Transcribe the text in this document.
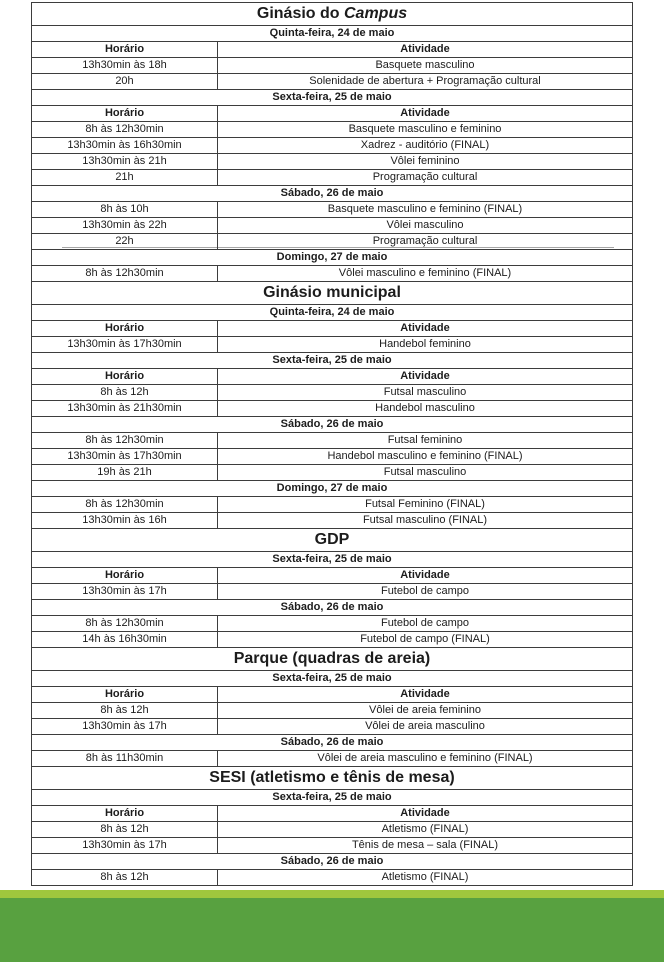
Ginásio do Campus	
Quinta-feira, 24 de maio	
Horário	Atividade
13h30min às 18h	Basquete masculino
20h	Solenidade de abertura + Programação cultural
Sexta-feira, 25 de maio	
Horário	Atividade
8h às 12h30min	Basquete masculino e feminino
13h30min às 16h30min	Xadrez - auditório (FINAL)
13h30min às 21h	Vôlei feminino
21h	Programação cultural
Sábado, 26 de maio	
8h às 10h	Basquete masculino e feminino (FINAL)
13h30min às 22h	Vôlei masculino
22h	Programação cultural
Domingo, 27 de maio	
8h às 12h30min	Vôlei masculino e feminino (FINAL)
Ginásio municipal	
Quinta-feira, 24 de maio	
Horário	Atividade
13h30min às 17h30min	Handebol feminino
Sexta-feira, 25 de maio	
Horário	Atividade
8h às 12h	Futsal masculino
13h30min às 21h30min	Handebol masculino
Sábado, 26 de maio	
8h às 12h30min	Futsal feminino
13h30min às 17h30min	Handebol masculino e feminino (FINAL)
19h às 21h	Futsal masculino
Domingo, 27 de maio	
8h às 12h30min	Futsal Feminino (FINAL)
13h30min às 16h	Futsal masculino (FINAL)
GDP	
Sexta-feira, 25 de maio	
Horário	Atividade
13h30min às 17h	Futebol de campo
Sábado, 26 de maio	
8h às 12h30min	Futebol de campo
14h às 16h30min	Futebol de campo (FINAL)
Parque (quadras de areia)	
Sexta-feira, 25 de maio	
Horário	Atividade
8h às 12h	Vôlei de areia feminino
13h30min às 17h	Vôlei de areia masculino
Sábado, 26 de maio	
8h às 11h30min	Vôlei de areia masculino e feminino (FINAL)
SESI (atletismo e tênis de mesa)	
Sexta-feira, 25 de maio	
Horário	Atividade
8h às 12h	Atletismo (FINAL)
13h30min às 17h	Tênis de mesa – sala (FINAL)
Sábado, 26 de maio	
8h às 12h	Atletismo (FINAL)
